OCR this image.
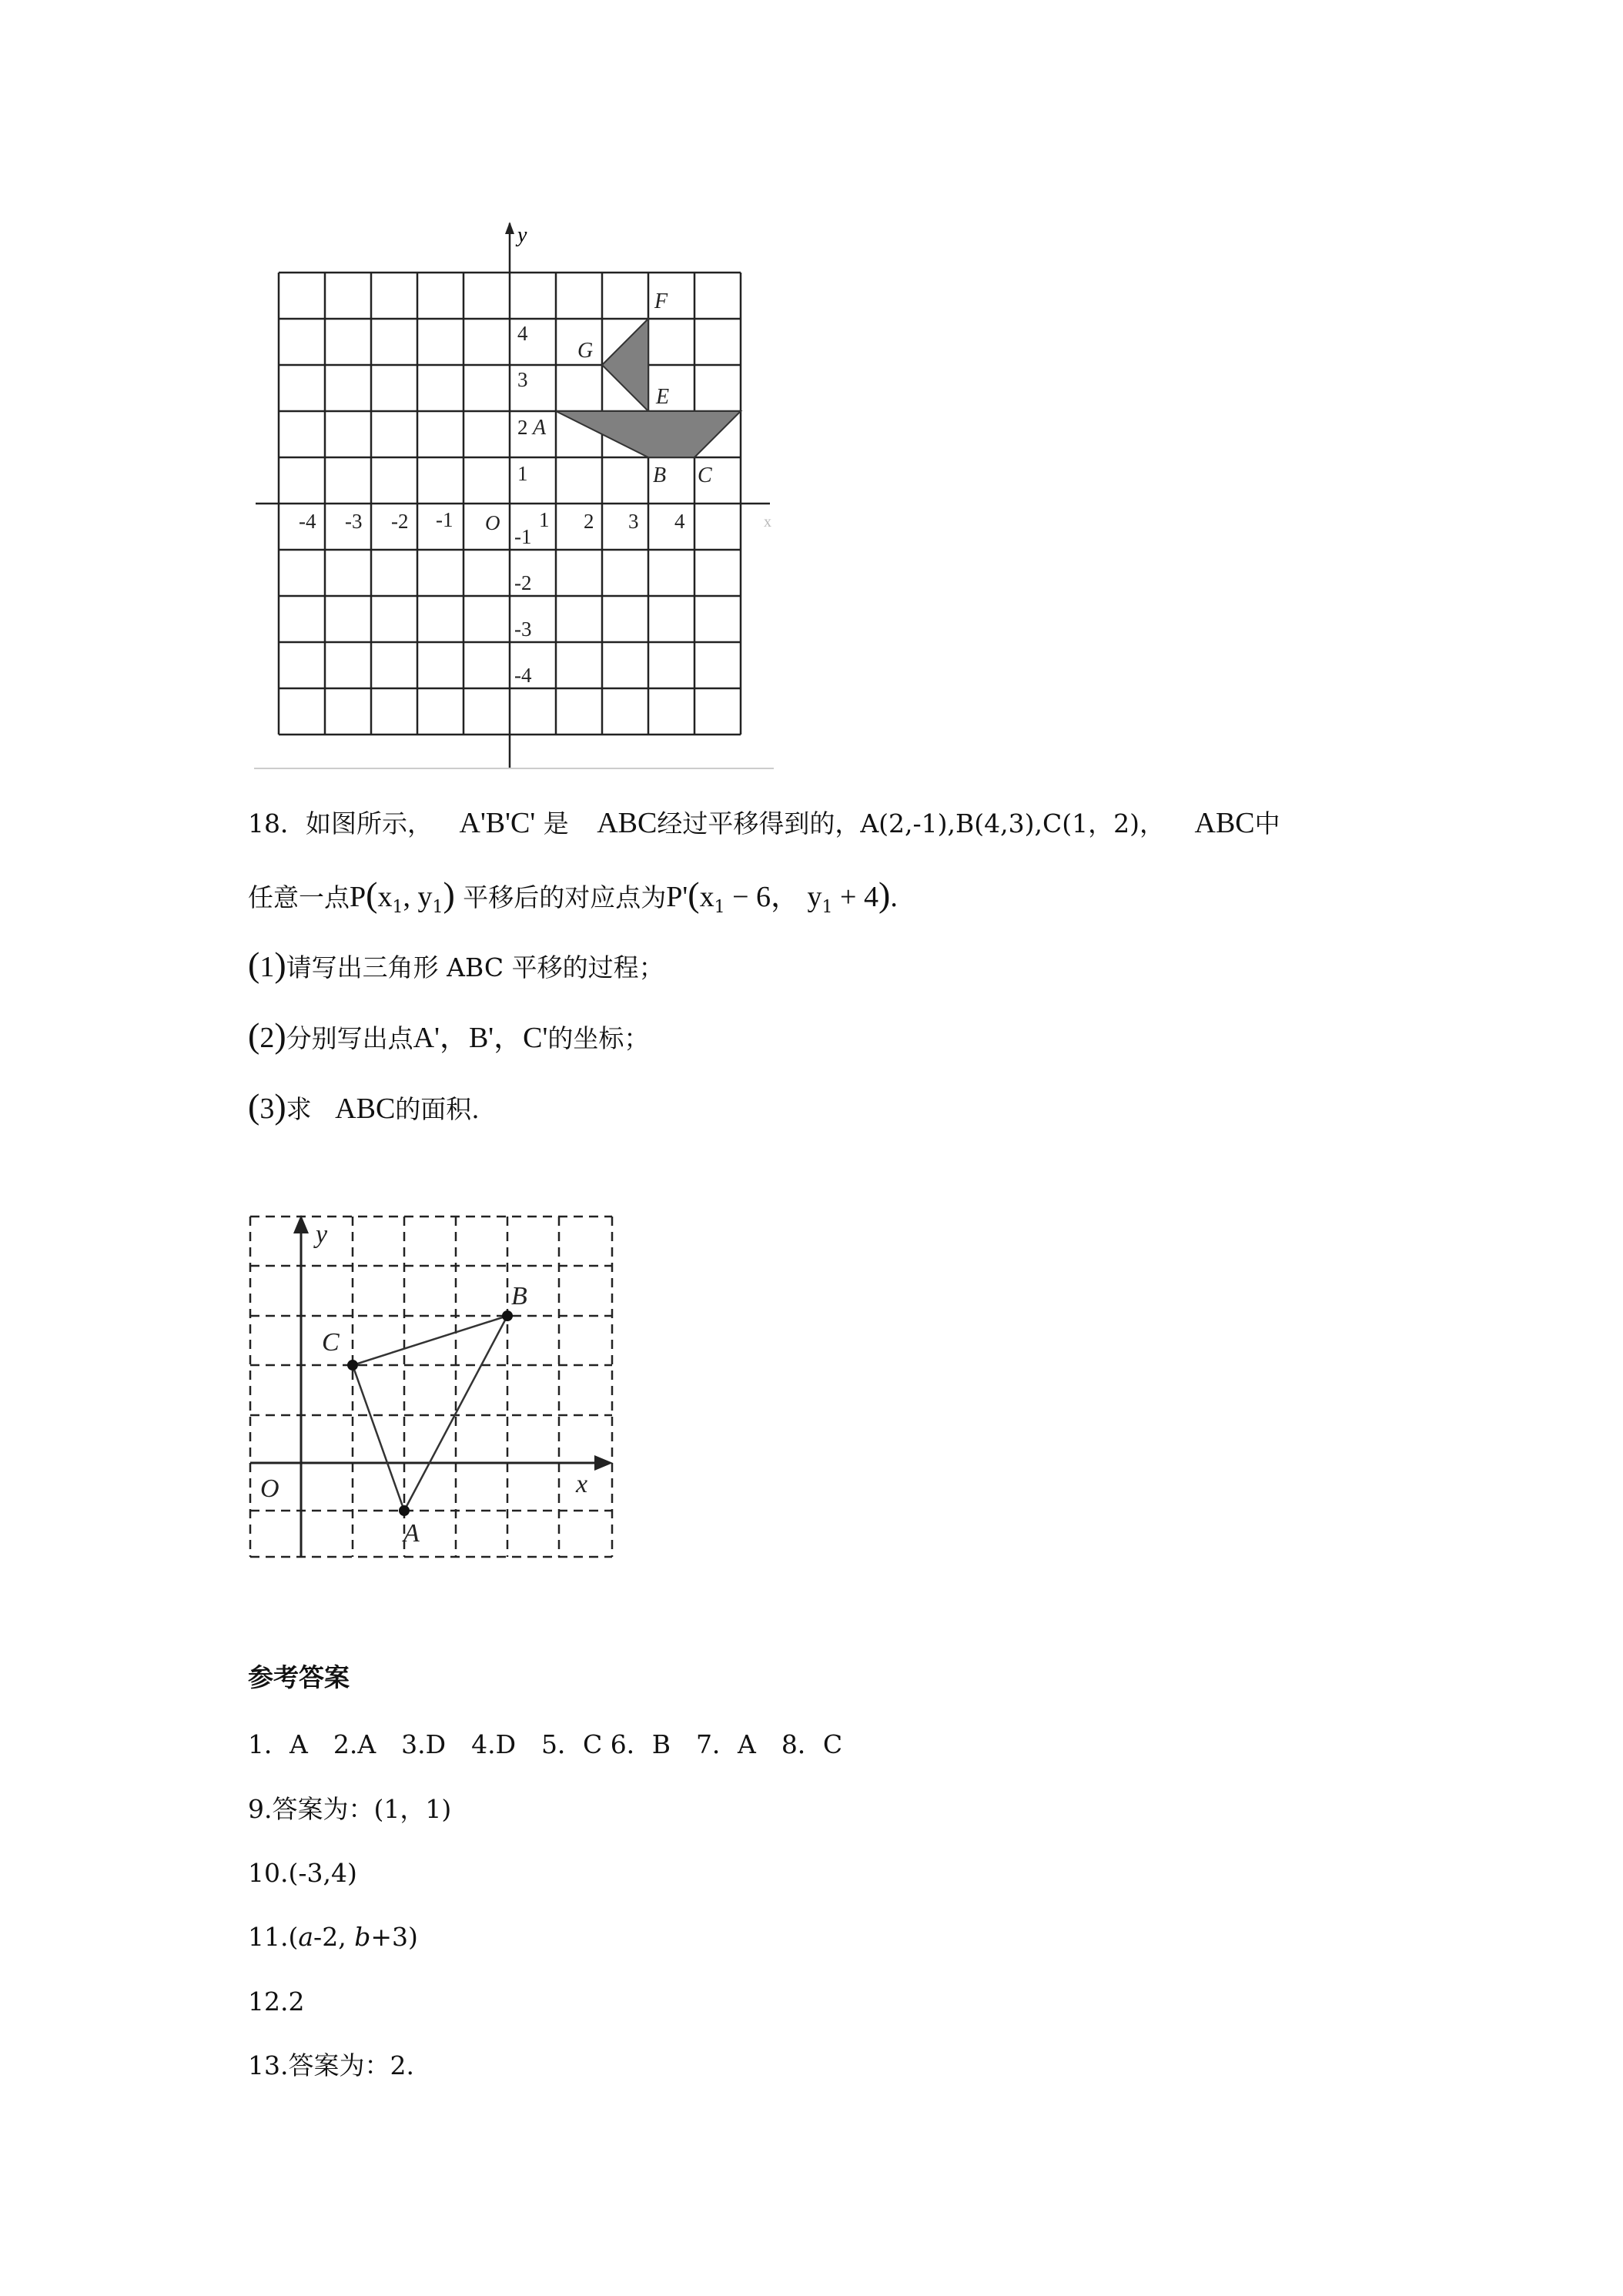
y
x
-4 -3 -2 -1 O 1 2 3 4
4
3
2
1
-1
-2
-3
-4
F
G
E
A
B C
18．如图所示， A'B'C' 是 ABC经过平移得到的，A(2,-1),B(4,3),C(1，2)， ABC中
任意一点$P(x_1$, $y_1$) 平移后的对应点为$P'(x_1 - 6$， $y_1 + 4$).
(1)请写出三角形 ABC 平移的过程；
(2)分别写出点A'，B'，C'的坐标；
(3)求 ABC的面积.
y
x
O
A
B
C
参考答案
1．A　2.A　3.D　4.D　5．C 6．B　7．A　8．C
9.答案为：(1，1)
10.(-3,4)
11.(a-2, b+3)
12.2
13.答案为：2.
